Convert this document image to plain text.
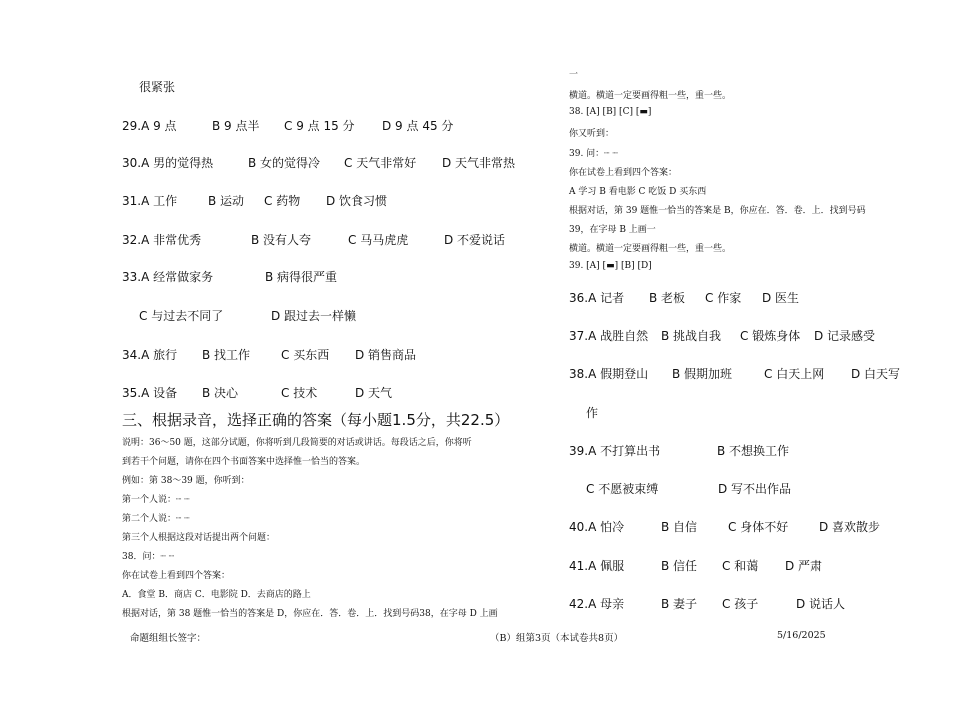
很紧张
29.A 9 点	B 9 点半 C 9 点 15 分 D 9 点 45 分
30.A 男的觉得热	B 女的觉得冷 C 天气非常好 D 天气非常热
31.A 工作	B 运动 C 药物 D 饮食习惯
32.A 非常优秀	B 没有人夸	C 马马虎虎	D 不爱说话
33.A 经常做家务	B 病得很严重
C 与过去不同了	D 跟过去一样懒
34.A 旅行 B 找工作	C 买东西 D 销售商品
35.A 设备 B 决心	C 技术	D 天气
三、根据录音，选择正确的答案（每小题1.5分，共22.5）
说明：36～50 题，这部分试题，你将听到几段简要的对话或讲话。每段话之后，你将听
到若干个问题，请你在四个书面答案中选择惟一恰当的答案。
例如：第 38～39 题，你听到：
第一个人说：┈ ┈
第二个人说：┈ ┈
第三个人根据这段对话提出两个问题：
38．问：┈ ┈
你在试卷上看到四个答案：
A．食堂 B．商店 C．电影院 D．去商店的路上
根据对话，第 38 题惟一恰当的答案是 D，你应在．答．卷．上．找到号码38，在字母 D 上画
一
横道。横道一定要画得粗一些，重一些。
38. [A] [B] [C] [▬]
你又听到：
39. 问：┈ ┈
你在试卷上看到四个答案：
A 学习 B 看电影 C 吃饭 D 买东西
根据对话，第 39 题惟一恰当的答案是 B，你应在．答．卷．上．找到号码
39，在字母 B 上画一
横道。横道一定要画得粗一些，重一些。
39. [A] [▬] [B] [D]
36.A 记者 B 老板 C 作家 D 医生
37.A 战胜自然 B 挑战自我 C 锻炼身体 D 记录感受
38.A 假期登山 B 假期加班	C 白天上网 D 白天写
作
39.A 不打算出书	B 不想换工作
C 不愿被束缚	D 写不出作品
40.A 怕冷	B 自信	C 身体不好	D 喜欢散步
41.A 佩服	B 信任 C 和蔼 D 严肃
42.A 母亲	B 妻子 C 孩子	D 说话人
命题组组长签字：	（B）组第3页（本试卷共8页）	5/16/2025
